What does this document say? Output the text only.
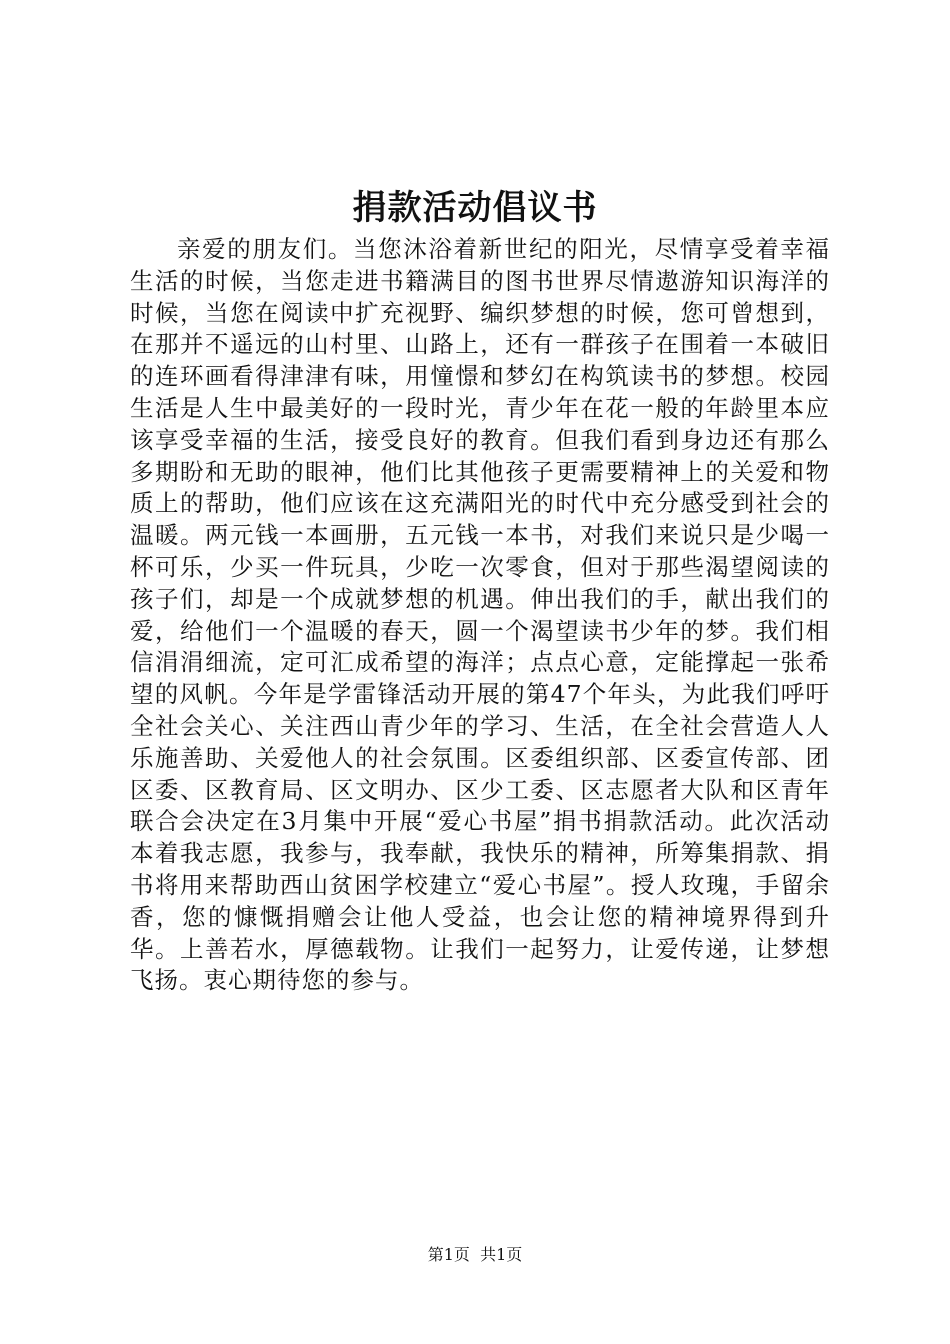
捐款活动倡议书

亲爱的朋友们。当您沐浴着新世纪的阳光，尽情享受着幸福生活的时候，当您走进书籍满目的图书世界尽情遨游知识海洋的时候，当您在阅读中扩充视野、编织梦想的时候，您可曾想到，在那并不遥远的山村里、山路上，还有一群孩子在围着一本破旧的连环画看得津津有味，用憧憬和梦幻在构筑读书的梦想。校园生活是人生中最美好的一段时光，青少年在花一般的年龄里本应该享受幸福的生活，接受良好的教育。但我们看到身边还有那么多期盼和无助的眼神，他们比其他孩子更需要精神上的关爱和物质上的帮助，他们应该在这充满阳光的时代中充分感受到社会的温暖。两元钱一本画册，五元钱一本书，对我们来说只是少喝一杯可乐，少买一件玩具，少吃一次零食，但对于那些渴望阅读的孩子们，却是一个成就梦想的机遇。伸出我们的手，献出我们的爱，给他们一个温暖的春天，圆一个渴望读书少年的梦。我们相信涓涓细流，定可汇成希望的海洋；点点心意，定能撑起一张希望的风帆。今年是学雷锋活动开展的第47个年头，为此我们呼吁全社会关心、关注西山青少年的学习、生活，在全社会营造人人乐施善助、关爱他人的社会氛围。区委组织部、区委宣传部、团区委、区教育局、区文明办、区少工委、区志愿者大队和区青年联合会决定在3月集中开展“爱心书屋”捐书捐款活动。此次活动本着我志愿，我参与，我奉献，我快乐的精神，所筹集捐款、捐书将用来帮助西山贫困学校建立“爱心书屋”。授人玫瑰，手留余香，您的慷慨捐赠会让他人受益，也会让您的精神境界得到升华。上善若水，厚德载物。让我们一起努力，让爱传递，让梦想飞扬。衷心期待您的参与。

第1页 共1页
